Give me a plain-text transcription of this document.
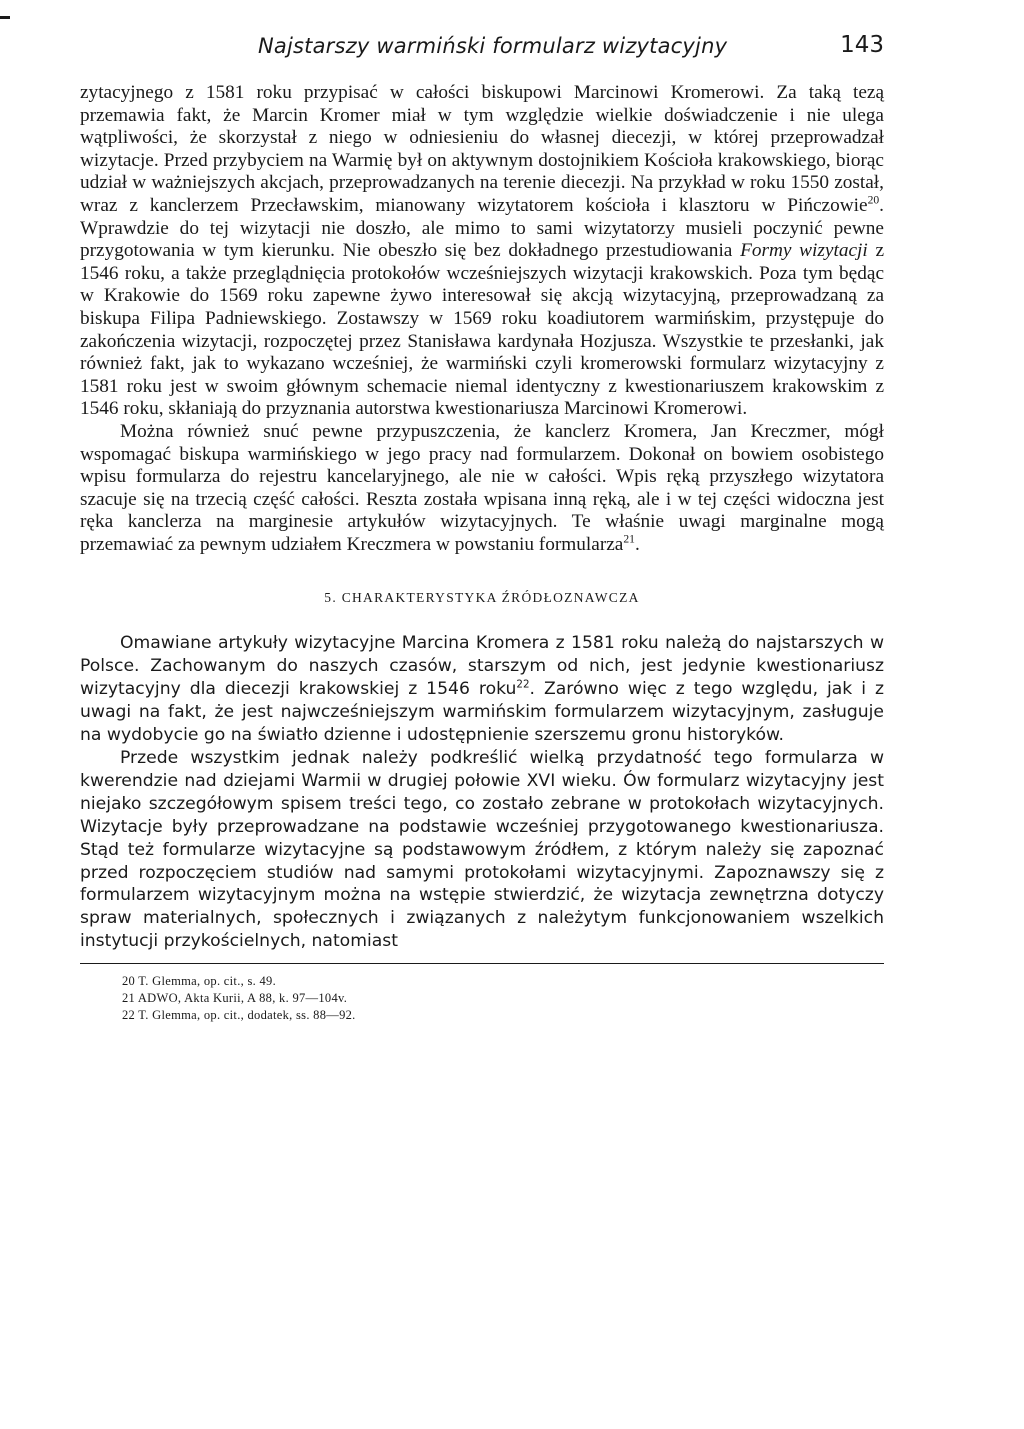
Najstarszy warmiński formularz wizytacyjny	143

zytacyjnego z 1581 roku przypisać w całości biskupowi Marcinowi Kromerowi. Za taką tezą przemawia fakt, że Marcin Kromer miał w tym względzie wielkie doświadczenie i nie ulega wątpliwości, że skorzystał z niego w odniesieniu do własnej diecezji, w której przeprowadzał wizytacje. Przed przybyciem na Warmię był on aktywnym dostojnikiem Kościoła krakowskiego, biorąc udział w ważniejszych akcjach, przeprowadzanych na terenie diecezji. Na przykład w roku 1550 został, wraz z kanclerzem Przecławskim, mianowany wizytatorem kościoła i klasztoru w Pińczowie$^{20}$. Wprawdzie do tej wizytacji nie doszło, ale mimo to sami wizytatorzy musieli poczynić pewne przygotowania w tym kierunku. Nie obeszło się bez dokładnego przestudiowania Formy wizytacji z 1546 roku, a także przeglądnięcia protokołów wcześniejszych wizytacji krakowskich. Poza tym będąc w Krakowie do 1569 roku zapewne żywo interesował się akcją wizytacyjną, przeprowadzaną za biskupa Filipa Padniewskiego. Zostawszy w 1569 roku koadiutorem warmińskim, przystępuje do zakończenia wizytacji, rozpoczętej przez Stanisława kardynała Hozjusza. Wszystkie te przesłanki, jak również fakt, jak to wykazano wcześniej, że warmiński czyli kromerowski formularz wizytacyjny z 1581 roku jest w swoim głównym schemacie niemal identyczny z kwestionariuszem krakowskim z 1546 roku, skłaniają do przyznania autorstwa kwestionariusza Marcinowi Kromerowi.

Można również snuć pewne przypuszczenia, że kanclerz Kromera, Jan Kreczmer, mógł wspomagać biskupa warmińskiego w jego pracy nad formularzem. Dokonał on bowiem osobistego wpisu formularza do rejestru kancelaryjnego, ale nie w całości. Wpis ręką przyszłego wizytatora szacuje się na trzecią część całości. Reszta została wpisana inną ręką, ale i w tej części widoczna jest ręka kanclerza na marginesie artykułów wizytacyjnych. Te właśnie uwagi marginalne mogą przemawiać za pewnym udziałem Kreczmera w powstaniu formularza$^{21}$.

5. CHARAKTERYSTYKA ŹRÓDŁOZNAWCZA

Omawiane artykuły wizytacyjne Marcina Kromera z 1581 roku należą do najstarszych w Polsce. Zachowanym do naszych czasów, starszym od nich, jest jedynie kwestionariusz wizytacyjny dla diecezji krakowskiej z 1546 roku$^{22}$. Zarówno więc z tego względu, jak i z uwagi na fakt, że jest najwcześniejszym warmińskim formularzem wizytacyjnym, zasługuje na wydobycie go na światło dzienne i udostępnienie szerszemu gronu historyków.

Przede wszystkim jednak należy podkreślić wielką przydatność tego formularza w kwerendzie nad dziejami Warmii w drugiej połowie XVI wieku. Ów formularz wizytacyjny jest niejako szczegółowym spisem treści tego, co zostało zebrane w protokołach wizytacyjnych. Wizytacje były przeprowadzane na podstawie wcześniej przygotowanego kwestionariusza. Stąd też formularze wizytacyjne są podstawowym źródłem, z którym należy się zapoznać przed rozpoczęciem studiów nad samymi protokołami wizytacyjnymi. Zapoznawszy się z formularzem wizytacyjnym można na wstępie stwierdzić, że wizytacja zewnętrzna dotyczy spraw materialnych, społecznych i związanych z należytym funkcjonowaniem wszelkich instytucji przykościelnych, natomiast

20 T. Glemma, op. cit., s. 49.
21 ADWO, Akta Kurii, A 88, k. 97—104v.
22 T. Glemma, op. cit., dodatek, ss. 88—92.
